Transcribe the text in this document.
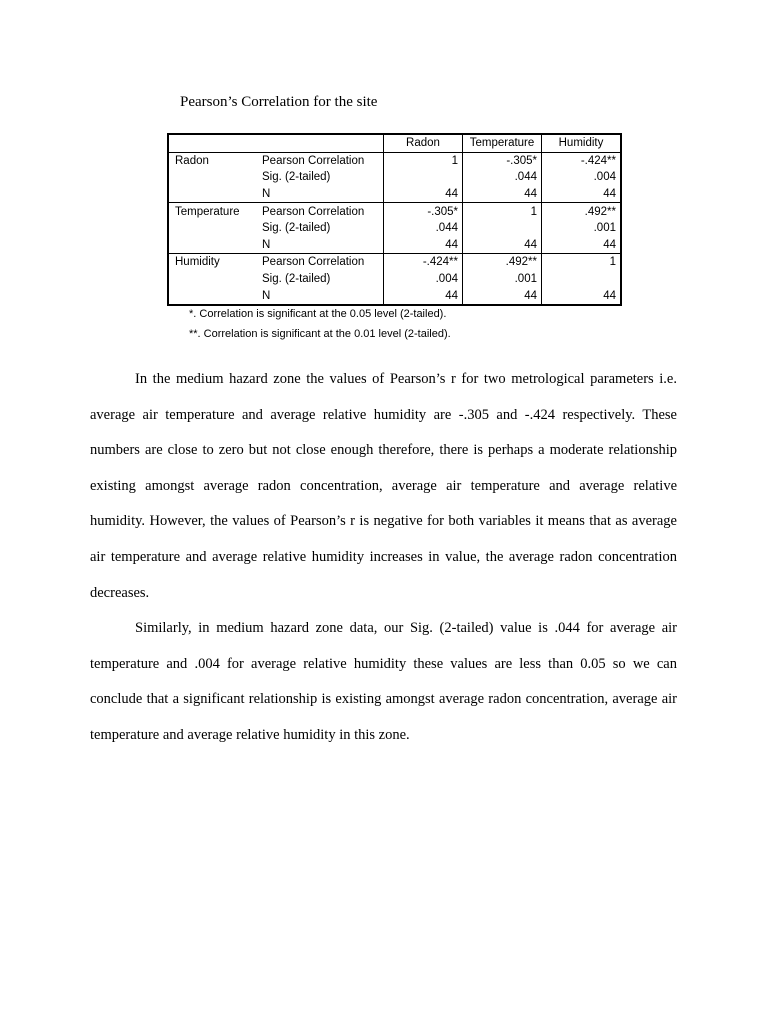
Pearson’s Correlation for the site
		Radon	Temperature	Humidity
Radon	Pearson Correlation	1	-.305*	-.424**
	Sig. (2-tailed)		.044	.004
	N	44	44	44
Temperature	Pearson Correlation	-.305*	1	.492**
	Sig. (2-tailed)	.044		.001
	N	44	44	44
Humidity	Pearson Correlation	-.424**	.492**	1
	Sig. (2-tailed)	.004	.001	
	N	44	44	44
*. Correlation is significant at the 0.05 level (2-tailed).
**. Correlation is significant at the 0.01 level (2-tailed).

In the medium hazard zone the values of Pearson’s r for two metrological parameters i.e. average air temperature and average relative humidity are -.305 and -.424 respectively. These numbers are close to zero but not close enough therefore, there is perhaps a moderate relationship existing amongst average radon concentration, average air temperature and average relative humidity. However, the values of Pearson’s r is negative for both variables it means that as average air temperature and average relative humidity increases in value, the average radon concentration decreases.

Similarly, in medium hazard zone data, our Sig. (2-tailed) value is .044 for average air temperature and .004 for average relative humidity these values are less than 0.05 so we can conclude that a significant relationship is existing amongst average radon concentration, average air temperature and average relative humidity in this zone.
